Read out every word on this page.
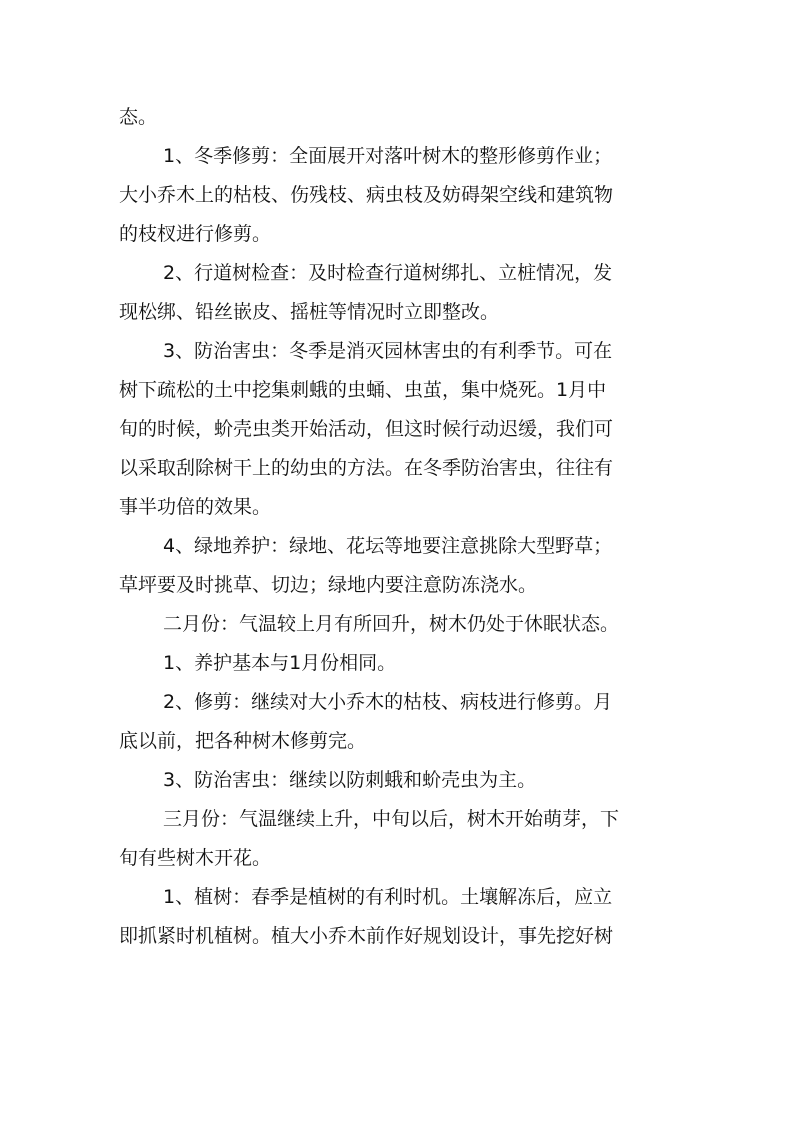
态。
1、冬季修剪：全面展开对落叶树木的整形修剪作业；
大小乔木上的枯枝、伤残枝、病虫枝及妨碍架空线和建筑物
的枝杈进行修剪。
2、行道树检查：及时检查行道树绑扎、立桩情况，发
现松绑、铅丝嵌皮、摇桩等情况时立即整改。
3、防治害虫：冬季是消灭园林害虫的有利季节。可在
树下疏松的土中挖集刺蛾的虫蛹、虫茧，集中烧死。1月中
旬的时候，蚧壳虫类开始活动，但这时候行动迟缓，我们可
以采取刮除树干上的幼虫的方法。在冬季防治害虫，往往有
事半功倍的效果。
4、绿地养护：绿地、花坛等地要注意挑除大型野草；
草坪要及时挑草、切边；绿地内要注意防冻浇水。
二月份：气温较上月有所回升，树木仍处于休眠状态。
1、养护基本与1月份相同。
2、修剪：继续对大小乔木的枯枝、病枝进行修剪。月
底以前，把各种树木修剪完。
3、防治害虫：继续以防刺蛾和蚧壳虫为主。
三月份：气温继续上升，中旬以后，树木开始萌芽，下
旬有些树木开花。
1、植树：春季是植树的有利时机。土壤解冻后，应立
即抓紧时机植树。植大小乔木前作好规划设计，事先挖好树
